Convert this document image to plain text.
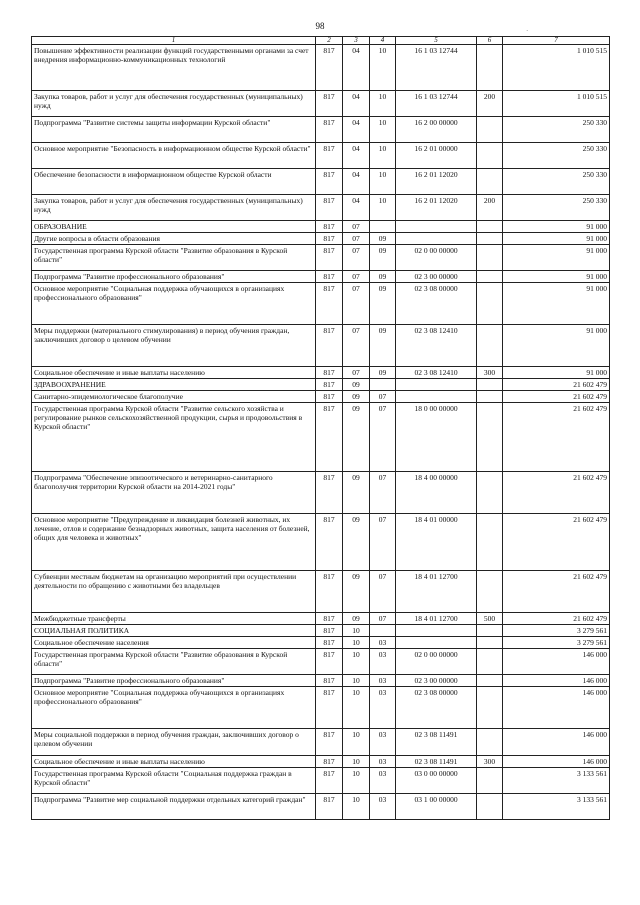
98	·
1	2	3	4	5	6	7
Повышение эффективности реализации функций государственными органами за счет внедрения информационно-коммуникационных технологий	817	04	10	16 1 03 12744		1 010 515
Закупка товаров, работ и услуг для обеспечения государственных (муниципальных) нужд	817	04	10	16 1 03 12744	200	1 010 515
Подпрограмма "Развитие системы защиты информации Курской области"	817	04	10	16 2 00 00000		250 330
Основное мероприятие "Безопасность в информационном обществе Курской области"	817	04	10	16 2 01 00000		250 330
Обеспечение безопасности в информационном обществе Курской области	817	04	10	16 2 01 12020		250 330
Закупка товаров, работ и услуг для обеспечения государственных (муниципальных) нужд	817	04	10	16 2 01 12020	200	250 330
ОБРАЗОВАНИЕ	817	07				91 000
Другие вопросы в области образования	817	07	09			91 000
Государственная программа Курской области "Развитие образования в Курской области"	817	07	09	02 0 00 00000		91 000
Подпрограмма "Развитие профессионального образования"	817	07	09	02 3 00 00000		91 000
Основное мероприятие "Социальная поддержка обучающихся в организациях профессионального образования"	817	07	09	02 3 08 00000		91 000
Меры поддержки (материального стимулирования) в период обучения граждан, заключивших договор о целевом обучении	817	07	09	02 3 08 12410		91 000
Социальное обеспечение и иные выплаты населению	817	07	09	02 3 08 12410	300	91 000
ЗДРАВООХРАНЕНИЕ	817	09				21 602 479
Санитарно-эпидемиологическое благополучие	817	09	07			21 602 479
Государственная программа Курской области "Развитие сельского хозяйства и регулирование рынков сельскохозяйственной продукции, сырья и продовольствия в Курской области"	817	09	07	18 0 00 00000		21 602 479
Подпрограмма "Обеспечение эпизоотического и ветеринарно-санитарного благополучия территории Курской области на 2014-2021 годы"	817	09	07	18 4 00 00000		21 602 479
Основное мероприятие "Предупреждение и ликвидация болезней животных, их лечение, отлов и содержание безнадзорных животных, защита населения от болезней, общих для человека и животных"	817	09	07	18 4 01 00000		21 602 479
Субвенции местным бюджетам на организацию мероприятий при осуществлении деятельности по обращению с животными без владельцев	817	09	07	18 4 01 12700		21 602 479
Межбюджетные трансферты	817	09	07	18 4 01 12700	500	21 602 479
СОЦИАЛЬНАЯ ПОЛИТИКА	817	10				3 279 561
Социальное обеспечение населения	817	10	03			3 279 561
Государственная программа Курской области "Развитие образования в Курской области"	817	10	03	02 0 00 00000		146 000
Подпрограмма "Развитие профессионального образования"	817	10	03	02 3 00 00000		146 000
Основное мероприятие "Социальная поддержка обучающихся в организациях профессионального образования"	817	10	03	02 3 08 00000		146 000
Меры социальной поддержки в период обучения граждан, заключивших договор о целевом обучении	817	10	03	02 3 08 11491		146 000
Социальное обеспечение и иные выплаты населению	817	10	03	02 3 08 11491	300	146 000
Государственная программа Курской области "Социальная поддержка граждан в Курской области"	817	10	03	03 0 00 00000		3 133 561
Подпрограмма "Развитие мер социальной поддержки отдельных категорий граждан"	817	10	03	03 1 00 00000		3 133 561
